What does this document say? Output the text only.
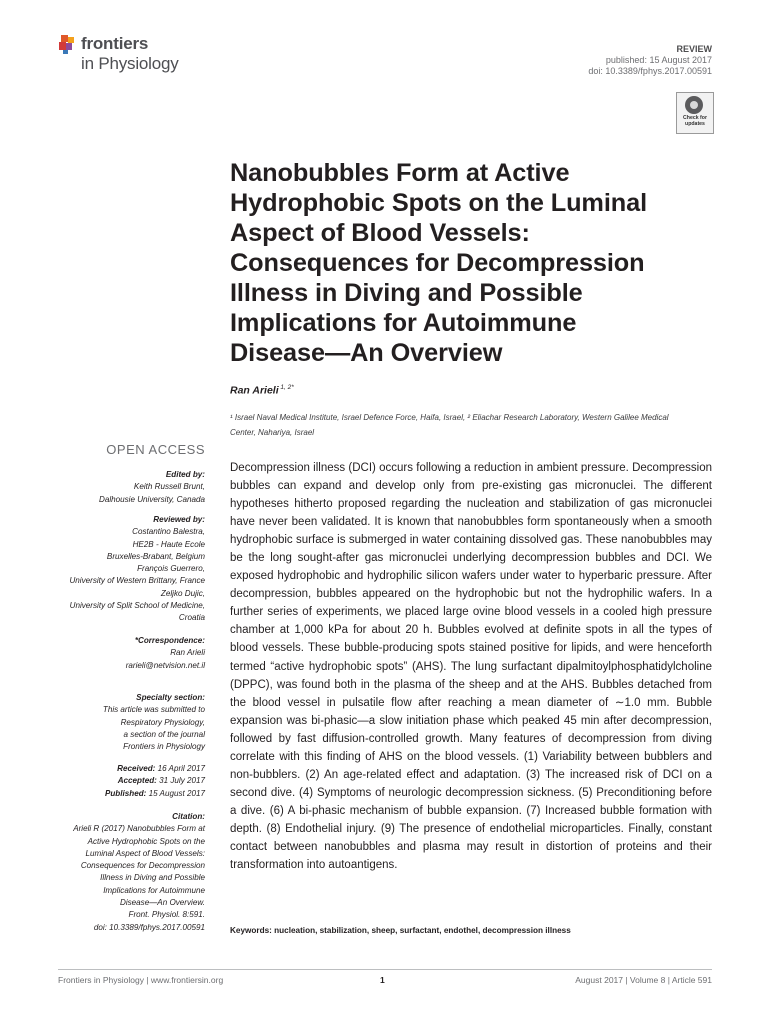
frontiers
in Physiology
REVIEW
published: 15 August 2017
doi: 10.3389/fphys.2017.00591
Check for
updates
Nanobubbles Form at Active
Hydrophobic Spots on the Luminal
Aspect of Blood Vessels:
Consequences for Decompression
Illness in Diving and Possible
Implications for Autoimmune
Disease—An Overview
Ran Arieli $^{1, 2*}$
¹ Israel Naval Medical Institute, Israel Defence Force, Haifa, Israel, ² Eliachar Research Laboratory, Western Galilee Medical
Center, Nahariya, Israel
OPEN ACCESS
Edited by:
Keith Russell Brunt,
Dalhousie University, Canada
Reviewed by:
Costantino Balestra,
HE2B - Haute Ecole
Bruxelles-Brabant, Belgium
François Guerrero,
University of Western Brittany, France
Zeljko Dujic,
University of Split School of Medicine,
Croatia
*Correspondence:
Ran Arieli
rarieli@netvision.net.il
Specialty section:
This article was submitted to
Respiratory Physiology,
a section of the journal
Frontiers in Physiology
Received: 16 April 2017
Accepted: 31 July 2017
Published: 15 August 2017
Citation:
Arieli R (2017) Nanobubbles Form at
Active Hydrophobic Spots on the
Luminal Aspect of Blood Vessels:
Consequences for Decompression
Illness in Diving and Possible
Implications for Autoimmune
Disease—An Overview.
Front. Physiol. 8:591.
doi: 10.3389/fphys.2017.00591
Decompression illness (DCI) occurs following a reduction in ambient pressure. Decompression bubbles can expand and develop only from pre-existing gas micronuclei. The different hypotheses hitherto proposed regarding the nucleation and stabilization of gas micronuclei have never been validated. It is known that nanobubbles form spontaneously when a smooth hydrophobic surface is submerged in water containing dissolved gas. These nanobubbles may be the long sought-after gas micronuclei underlying decompression bubbles and DCI. We exposed hydrophobic and hydrophilic silicon wafers under water to hyperbaric pressure. After decompression, bubbles appeared on the hydrophobic but not the hydrophilic wafers. In a further series of experiments, we placed large ovine blood vessels in a cooled high pressure chamber at 1,000 kPa for about 20 h. Bubbles evolved at definite spots in all the types of blood vessels. These bubble-producing spots stained positive for lipids, and were henceforth termed “active hydrophobic spots” (AHS). The lung surfactant dipalmitoylphosphatidylcholine (DPPC), was found both in the plasma of the sheep and at the AHS. Bubbles detached from the blood vessel in pulsatile flow after reaching a mean diameter of ∼1.0 mm. Bubble expansion was bi-phasic—a slow initiation phase which peaked 45 min after decompression, followed by fast diffusion-controlled growth. Many features of decompression from diving correlate with this finding of AHS on the blood vessels. (1) Variability between bubblers and non-bubblers. (2) An age-related effect and adaptation. (3) The increased risk of DCI on a second dive. (4) Symptoms of neurologic decompression sickness. (5) Preconditioning before a dive. (6) A bi-phasic mechanism of bubble expansion. (7) Increased bubble formation with depth. (8) Endothelial injury. (9) The presence of endothelial microparticles. Finally, constant contact between nanobubbles and plasma may result in distortion of proteins and their transformation into autoantigens.
Keywords: nucleation, stabilization, sheep, surfactant, endothel, decompression illness
Frontiers in Physiology | www.frontiersin.org	1	August 2017 | Volume 8 | Article 591
